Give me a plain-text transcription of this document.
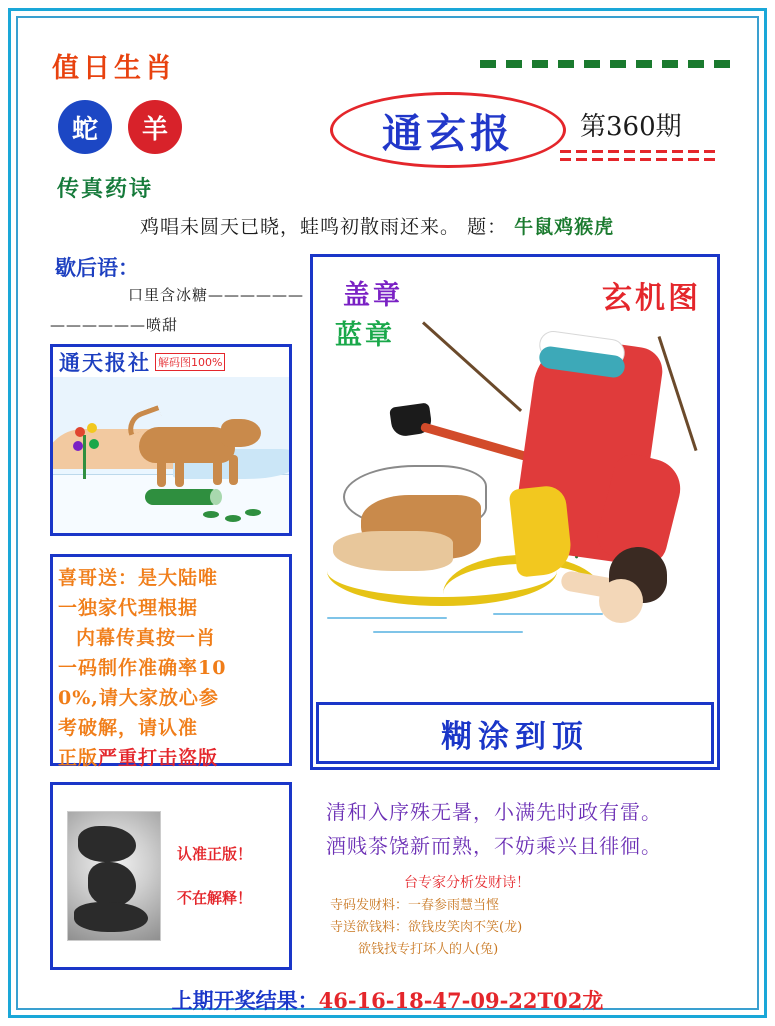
值日生肖
蛇	羊
传真药诗
通玄报	第360期
鸡唱未圆天已晓，蛙鸣初散雨还来。 题： 牛鼠鸡猴虎
歇后语：
口里含冰糖——————
——————喷甜
通天报社 解码图100%
喜哥送：是大陆唯
一独家代理根据
内幕传真按一肖
一码制作准确率10
0%,请大家放心参
考破解，请认准
正版严重打击盗版
认准正版！
不在解释！
盖章
蓝章
玄机图
糊涂到顶
清和入序殊无暑，小满先时政有雷。
酒贱茶饶新而熟，不妨乘兴且徘徊。
台专家分析发财诗！
寺码发财料：一春参雨慧当悭
寺送欲钱料：欲钱皮笑肉不笑(龙)
欲钱找专打坏人的人(兔)
上期开奖结果：46-16-18-47-09-22T02龙
